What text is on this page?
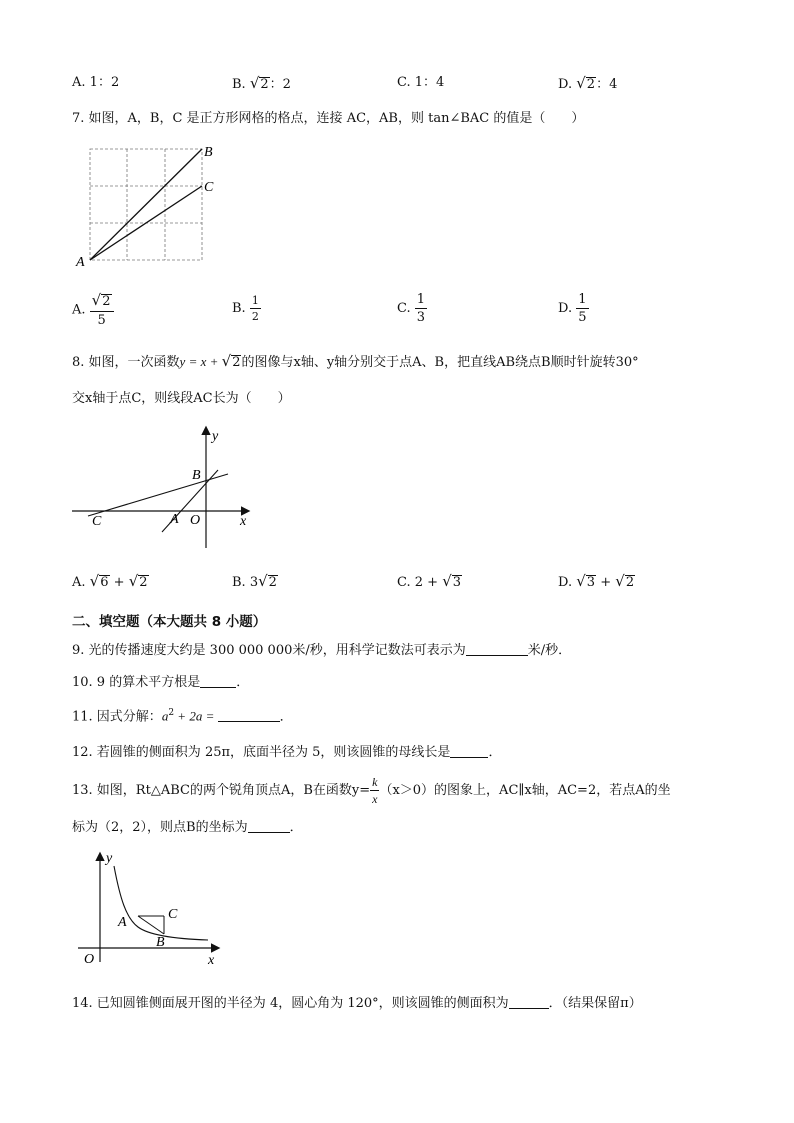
A. 1：2	B. √2：2	C. 1：4	D. √2：4
7. 如图，A，B，C 是正方形网格的格点，连接 AC，AB，则 tan∠BAC 的值是（　　）
B
C
A
A. $\frac{√2}{5}$	B. $\frac{1}{2}$	C. $\frac{1}{3}$	D. $\frac{1}{5}$
8. 如图，一次函数y = x + √2的图像与x轴、y轴分别交于点A、B，把直线AB绕点B顺时针旋转30°
交x轴于点C，则线段AC长为（　　）
y
x
B
C	A O
A. √6 + √2	B. 3√2	C. 2 + √3	D. √3 + √2
二、填空题（本大题共 8 小题）
9. 光的传播速度大约是 300 000 000米/秒，用科学记数法可表示为	米/秒．
10. 9 的算术平方根是	．
11. 因式分解：$a^2 + 2a$ =	．
12. 若圆锥的侧面积为 25π，底面半径为 5，则该圆锥的母线长是	．
13. 如图，Rt△ABC的两个锐角顶点A，B在函数$y= \frac{k}{x} (x>0)$的图象上，AC∥x轴，AC=2，若点A的坐
标为（2，2），则点B的坐标为	．
y
x
O
A
C
B
14. 已知圆锥侧面展开图的半径为 4，圆心角为 120°，则该圆锥的侧面积为	．（结果保留π）
